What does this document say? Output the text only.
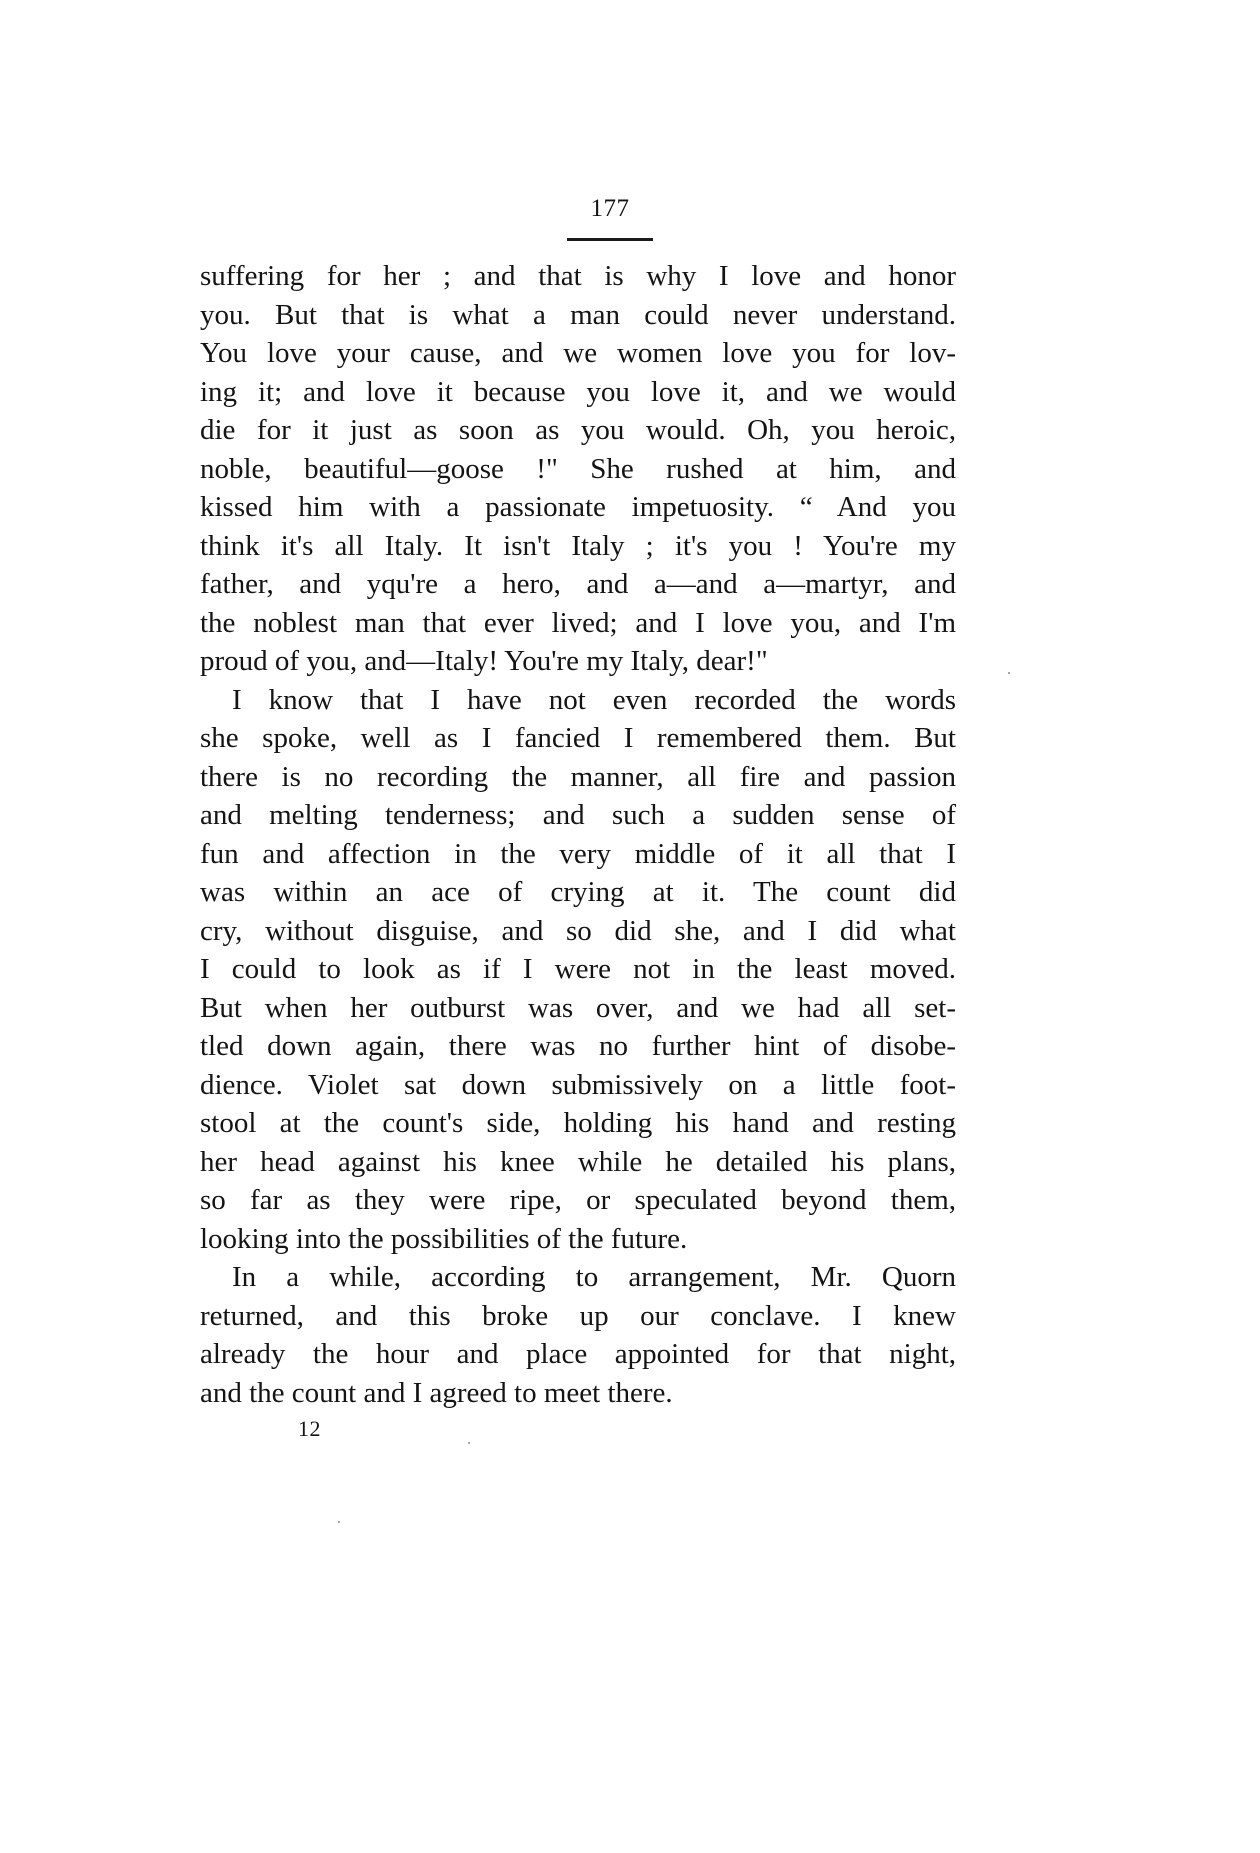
177
suffering for her ; and that is why I love and honor
you. But that is what a man could never understand.
You love your cause, and we women love you for lov-
ing it; and love it because you love it, and we would
die for it just as soon as you would. Oh, you heroic,
noble, beautiful—goose !" She rushed at him, and
kissed him with a passionate impetuosity. “ And you
think it's all Italy. It isn't Italy ; it's you ! You're my
father, and yqu're a hero, and a—and a—martyr, and
the noblest man that ever lived; and I love you, and I'm
proud of you, and—Italy! You're my Italy, dear!"
I know that I have not even recorded the words
she spoke, well as I fancied I remembered them. But
there is no recording the manner, all fire and passion
and melting tenderness; and such a sudden sense of
fun and affection in the very middle of it all that I
was within an ace of crying at it. The count did
cry, without disguise, and so did she, and I did what
I could to look as if I were not in the least moved.
But when her outburst was over, and we had all set-
tled down again, there was no further hint of disobe-
dience. Violet sat down submissively on a little foot-
stool at the count's side, holding his hand and resting
her head against his knee while he detailed his plans,
so far as they were ripe, or speculated beyond them,
looking into the possibilities of the future.
In a while, according to arrangement, Mr. Quorn
returned, and this broke up our conclave. I knew
already the hour and place appointed for that night,
and the count and I agreed to meet there.
12
